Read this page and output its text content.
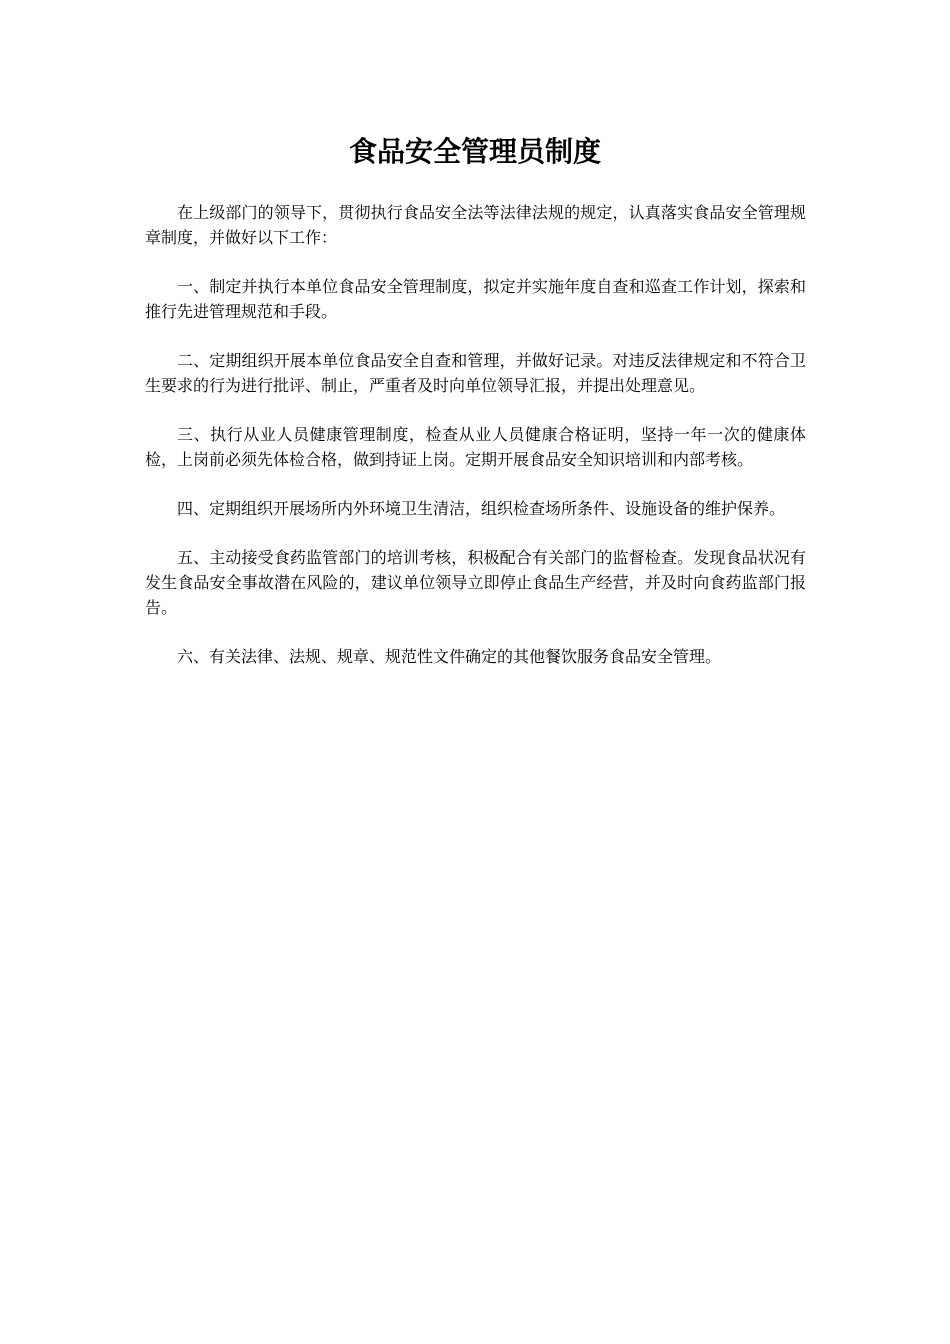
食品安全管理员制度

在上级部门的领导下，贯彻执行食品安全法等法律法规的规定，认真落实食品安全管理规章制度，并做好以下工作：

一、制定并执行本单位食品安全管理制度，拟定并实施年度自查和巡查工作计划，探索和推行先进管理规范和手段。

二、定期组织开展本单位食品安全自查和管理，并做好记录。对违反法律规定和不符合卫生要求的行为进行批评、制止，严重者及时向单位领导汇报，并提出处理意见。

三、执行从业人员健康管理制度，检查从业人员健康合格证明，坚持一年一次的健康体检，上岗前必须先体检合格，做到持证上岗。定期开展食品安全知识培训和内部考核。

四、定期组织开展场所内外环境卫生清洁，组织检查场所条件、设施设备的维护保养。

五、主动接受食药监管部门的培训考核，积极配合有关部门的监督检查。发现食品状况有发生食品安全事故潜在风险的，建议单位领导立即停止食品生产经营，并及时向食药监部门报告。

六、有关法律、法规、规章、规范性文件确定的其他餐饮服务食品安全管理。
